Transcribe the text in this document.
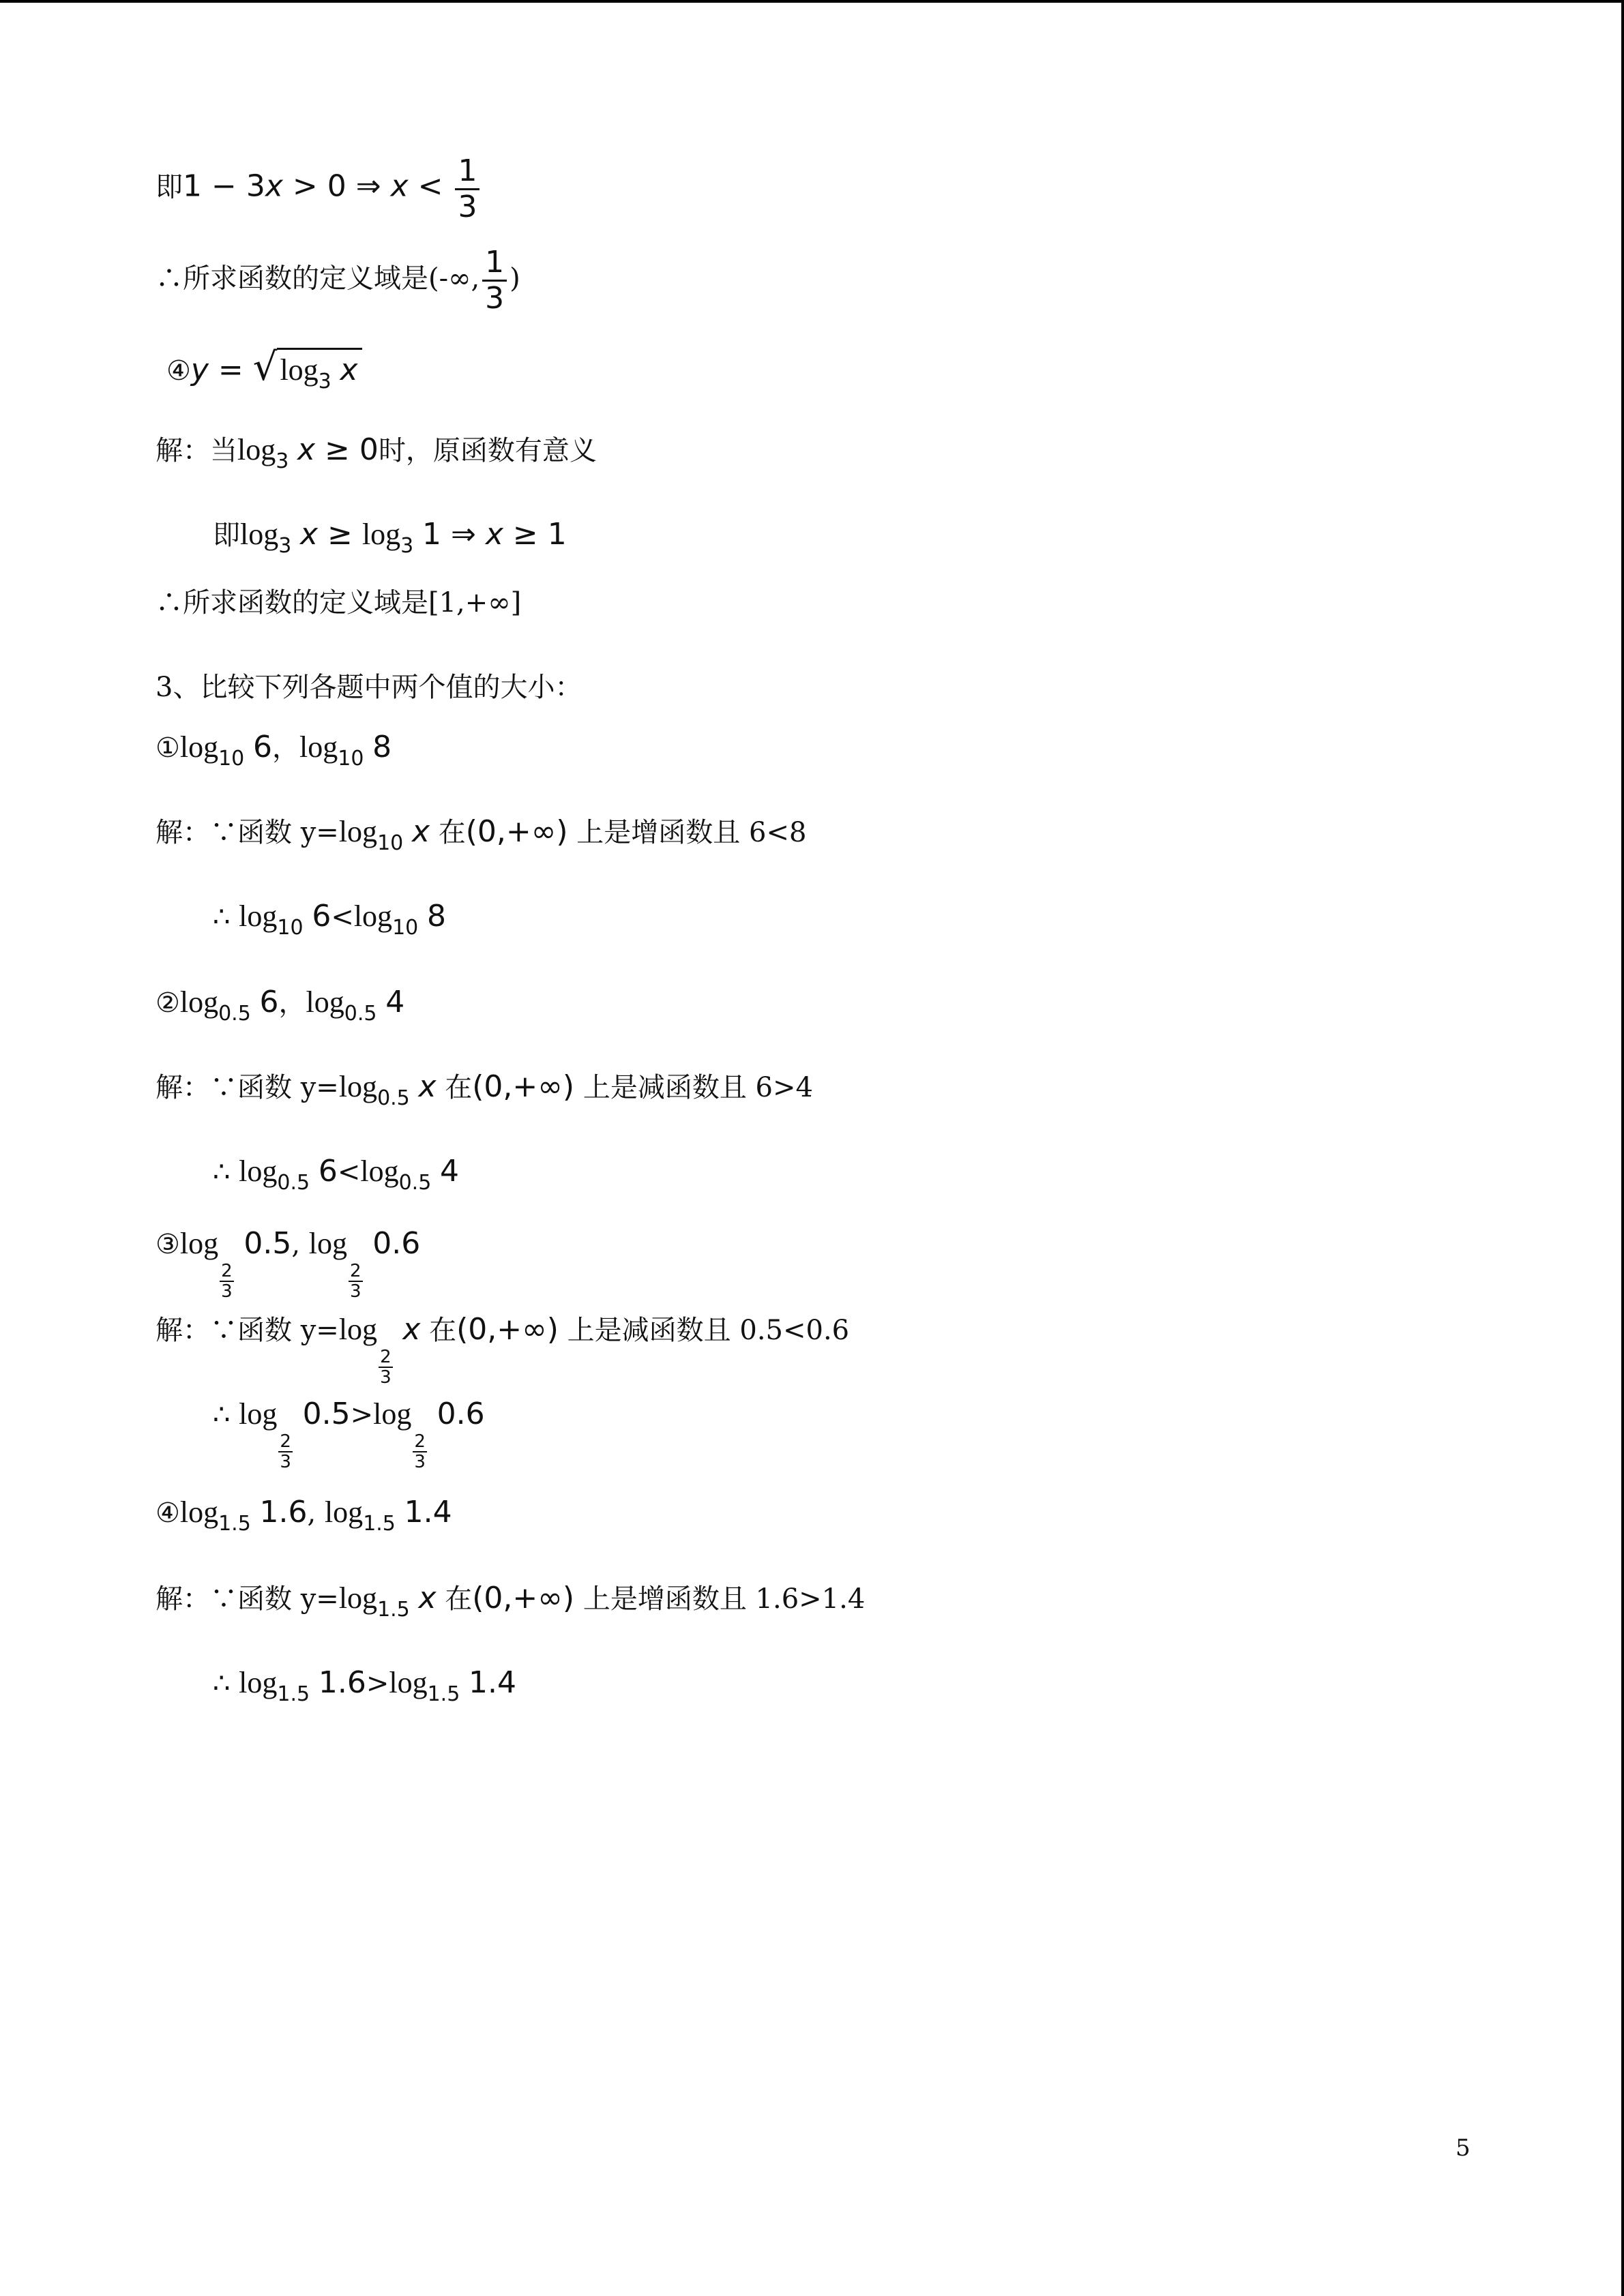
即1 − 3x > 0 ⇒ $x < \frac{1}{3}$
∴所求函数的定义域是(-∞, $\frac{1}{3}$ )
④y = $√\log_3$ x
解：当$\log_3 x \ge 0$时，原函数有意义
即$\log_3 x \ge \log_3 1$ ⇒ x ≥ 1
∴所求函数的定义域是[1,+∞]
3、比较下列各题中两个值的大小：
$①\log_{10}$ 6，$\log_{10} 8$
解：∵函数 $y=\log_{10}$ x 在(0,+∞) 上是增函数且 6<8
∴ $\log_{10} 6<\log_{10}$ 8
$②\log_{0.5}$ 6，$\log_{0.5} 4$
解：∵函数 $y=\log_{0.5}$ x 在(0,+∞) 上是减函数且 6>4
∴ $\log_{0.5} 6<\log_{0.5}$ 4
③log
$\frac{2}{3}$
0.5, log
$\frac{2}{3}$
0.6
解：∵函数 y=log
$\frac{2}{3}$
x 在(0,+∞) 上是减函数且 0.5<0.6
∴ log
$\frac{2}{3}$
0.5>log
$\frac{2}{3}$
0.6
$④\log_{1.5}$ 1.6, $\log_{1.5} 1.4$
解：∵函数 $y=\log_{1.5}$ x 在(0,+∞) 上是增函数且 1.6>1.4
∴ $\log_{1.5} 1.6>\log_{1.5}$ 1.4
5
